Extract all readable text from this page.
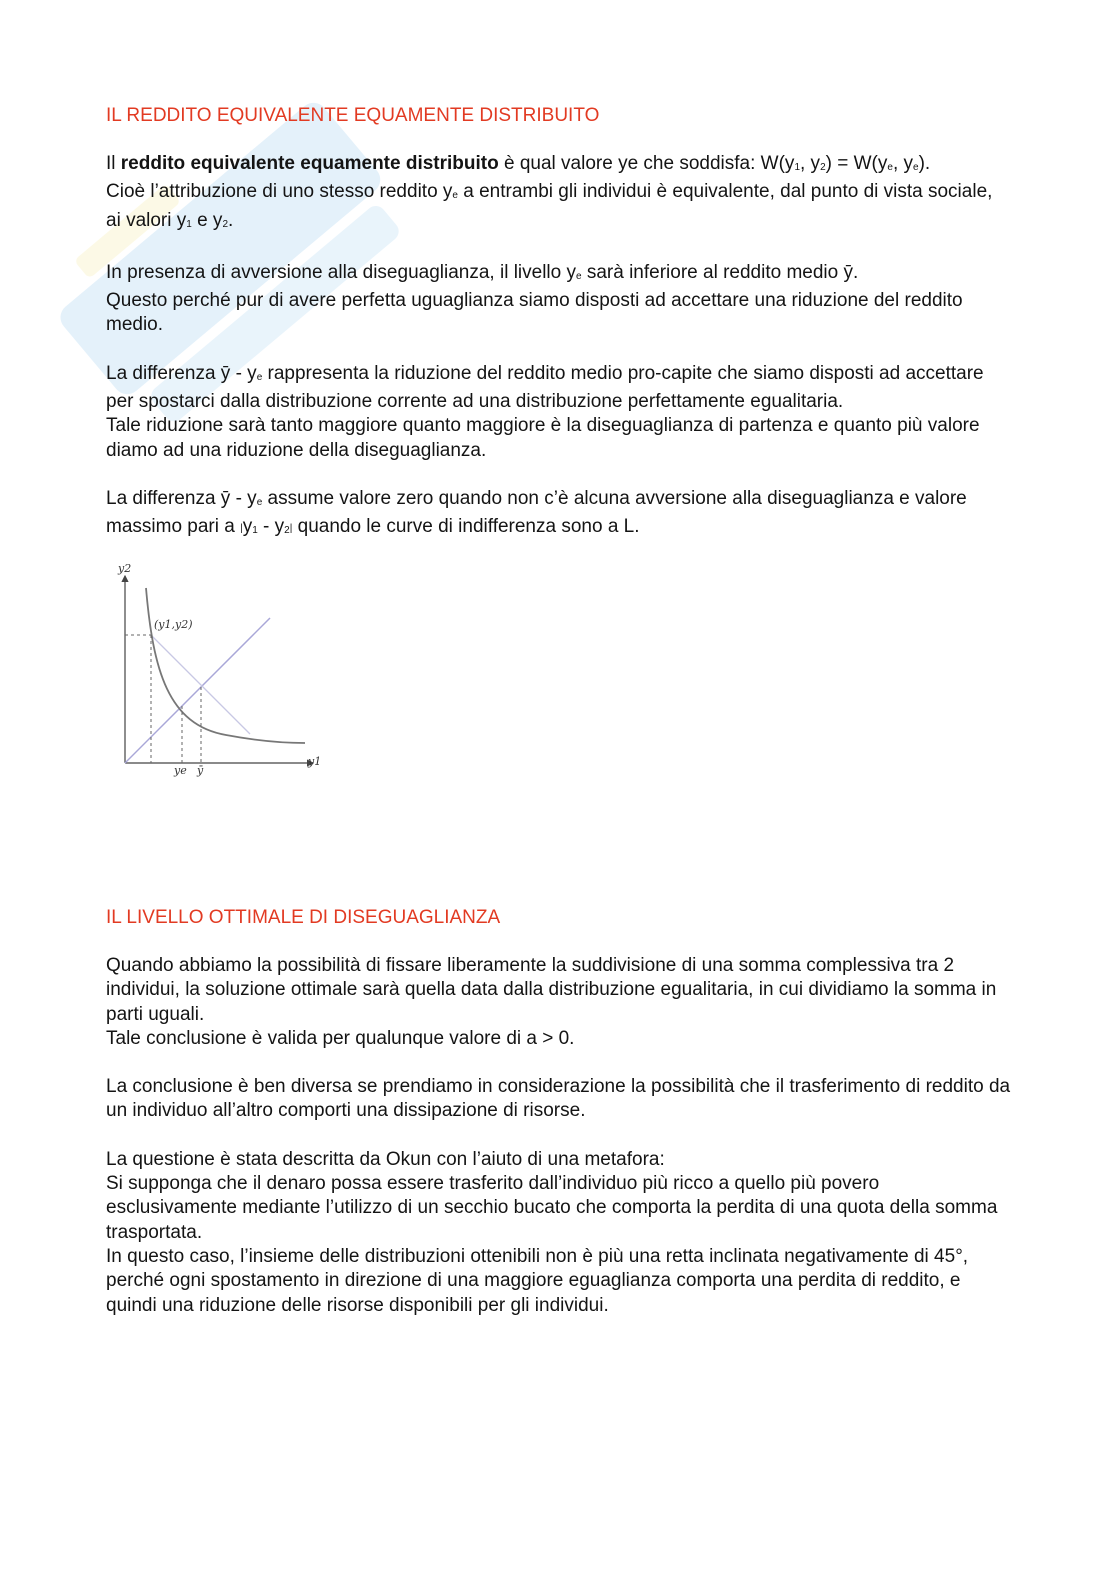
IL REDDITO EQUIVALENTE EQUAMENTE DISTRIBUITO

Il reddito equivalente equamente distribuito è qual valore ye che soddisfa: $W(y_1$, $y_2) = W(y_e$, $y_e$).
Cioè l’attribuzione di uno stesso reddito $y_e$ a entrambi gli individui è equivalente, dal punto di vista sociale, ai valori $y_1$ e $y_2$.

In presenza di avversione alla diseguaglianza, il livello $y_e$ sarà inferiore al reddito medio ȳ.
Questo perché pur di avere perfetta uguaglianza siamo disposti ad accettare una riduzione del reddito medio.

La differenza ȳ - $y_e$ rappresenta la riduzione del reddito medio pro-capite che siamo disposti ad accettare per spostarci dalla distribuzione corrente ad una distribuzione perfettamente egualitaria.
Tale riduzione sarà tanto maggiore quanto maggiore è la diseguaglianza di partenza e quanto più valore diamo ad una riduzione della diseguaglianza.

La differenza ȳ - $y_e$ assume valore zero quando non c’è alcuna avversione alla diseguaglianza e valore massimo pari a $|y_1 - y_2|$ quando le curve di indifferenza sono a L.

y2
y1
(y1,y2)
ye ȳ
IL LIVELLO OTTIMALE DI DISEGUAGLIANZA

Quando abbiamo la possibilità di fissare liberamente la suddivisione di una somma complessiva tra 2 individui, la soluzione ottimale sarà quella data dalla distribuzione egualitaria, in cui dividiamo la somma in parti uguali.
Tale conclusione è valida per qualunque valore di a > 0.

La conclusione è ben diversa se prendiamo in considerazione la possibilità che il trasferimento di reddito da un individuo all’altro comporti una dissipazione di risorse.

La questione è stata descritta da Okun con l’aiuto di una metafora:
Si supponga che il denaro possa essere trasferito dall’individuo più ricco a quello più povero esclusivamente mediante l’utilizzo di un secchio bucato che comporta la perdita di una quota della somma trasportata.
In questo caso, l’insieme delle distribuzioni ottenibili non è più una retta inclinata negativamente di 45°, perché ogni spostamento in direzione di una maggiore eguaglianza comporta una perdita di reddito, e quindi una riduzione delle risorse disponibili per gli individui.
